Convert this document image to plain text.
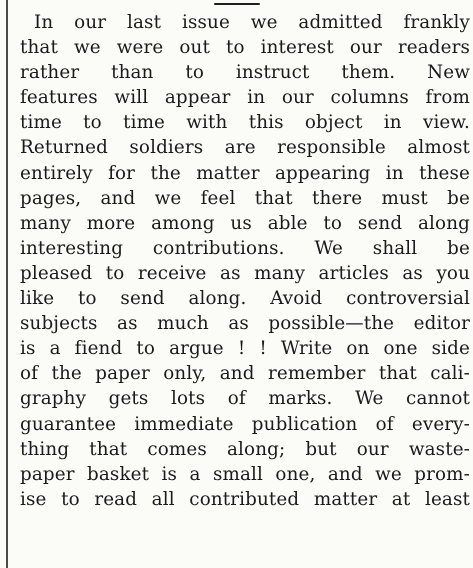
In our last issue we admitted frankly
that we were out to interest our readers
rather than to instruct them. New
features will appear in our columns from
time to time with this object in view.
Returned soldiers are responsible almost
entirely for the matter appearing in these
pages, and we feel that there must be
many more among us able to send along
interesting contributions. We shall be
pleased to receive as many articles as you
like to send along. Avoid controversial
subjects as much as possible—the editor
is a fiend to argue ! ! Write on one side
of the paper only, and remember that cali-
graphy gets lots of marks. We cannot
guarantee immediate publication of every-
thing that comes along; but our waste-
paper basket is a small one, and we prom-
ise to read all contributed matter at least
